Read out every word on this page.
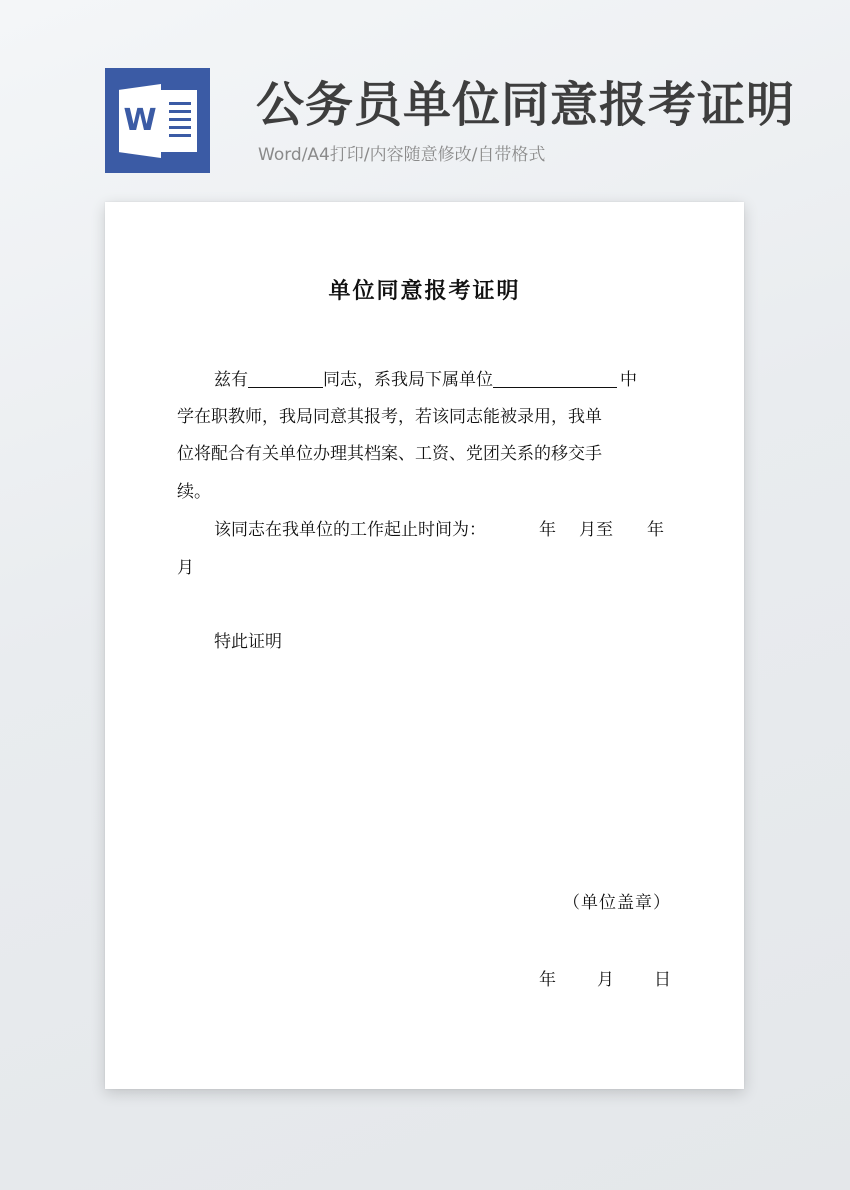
W 公务员单位同意报考证明
Word/A4打印/内容随意修改/自带格式
单位同意报考证明
兹有	同志，系我局下属单位	中
学在职教师，我局同意其报考，若该同志能被录用，我单
位将配合有关单位办理其档案、工资、党团关系的移交手
续。
该同志在我单位的工作起止时间为：	年 月至 年
月
特此证明
（单位盖章）
年 月 日
